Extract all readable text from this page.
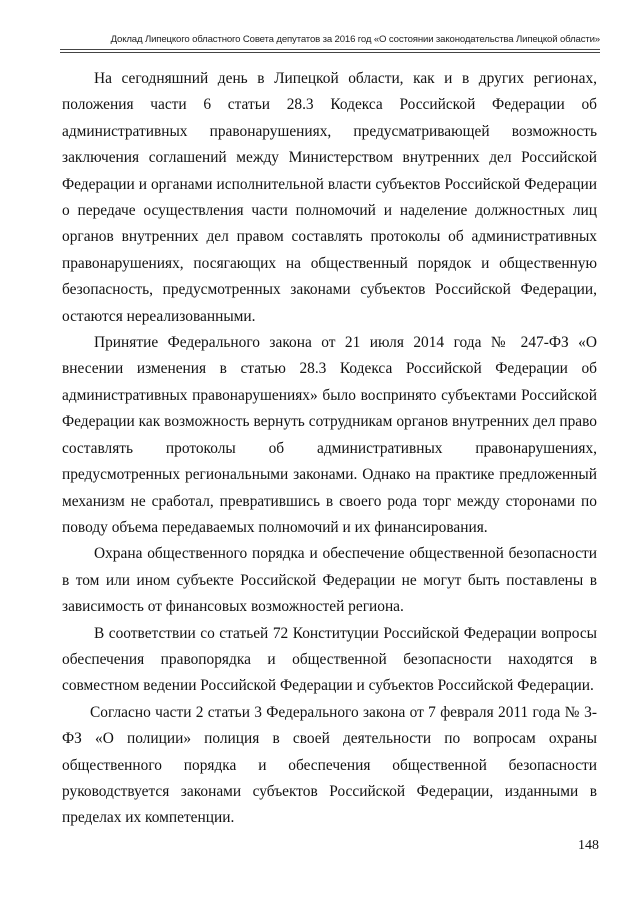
Доклад Липецкого областного Совета депутатов за 2016 год «О состоянии законодательства Липецкой области»

На сегодняшний день в Липецкой области, как и в других регионах, положения части 6 статьи 28.3 Кодекса Российской Федерации об административных правонарушениях, предусматривающей возможность заключения соглашений между Министерством внутренних дел Российской Федерации и органами исполнительной власти субъектов Российской Федерации о передаче осуществления части полномочий и наделение должностных лиц органов внутренних дел правом составлять протоколы об административных правонарушениях, посягающих на общественный порядок и общественную безопасность, предусмотренных законами субъектов Российской Федерации, остаются нереализованными.

Принятие Федерального закона от 21 июля 2014 года № 247-ФЗ «О внесении изменения в статью 28.3 Кодекса Российской Федерации об административных правонарушениях» было воспринято субъектами Российской Федерации как возможность вернуть сотрудникам органов внутренних дел право составлять протоколы об административных правонарушениях, предусмотренных региональными законами. Однако на практике предложенный механизм не сработал, превратившись в своего рода торг между сторонами по поводу объема передаваемых полномочий и их финансирования.

Охрана общественного порядка и обеспечение общественной безопасности в том или ином субъекте Российской Федерации не могут быть поставлены в зависимость от финансовых возможностей региона.

В соответствии со статьей 72 Конституции Российской Федерации вопросы обеспечения правопорядка и общественной безопасности находятся в совместном ведении Российской Федерации и субъектов Российской Федерации.

Согласно части 2 статьи 3 Федерального закона от 7 февраля 2011 года № 3-ФЗ «О полиции» полиция в своей деятельности по вопросам охраны общественного порядка и обеспечения общественной безопасности руководствуется законами субъектов Российской Федерации, изданными в пределах их компетенции.

148
